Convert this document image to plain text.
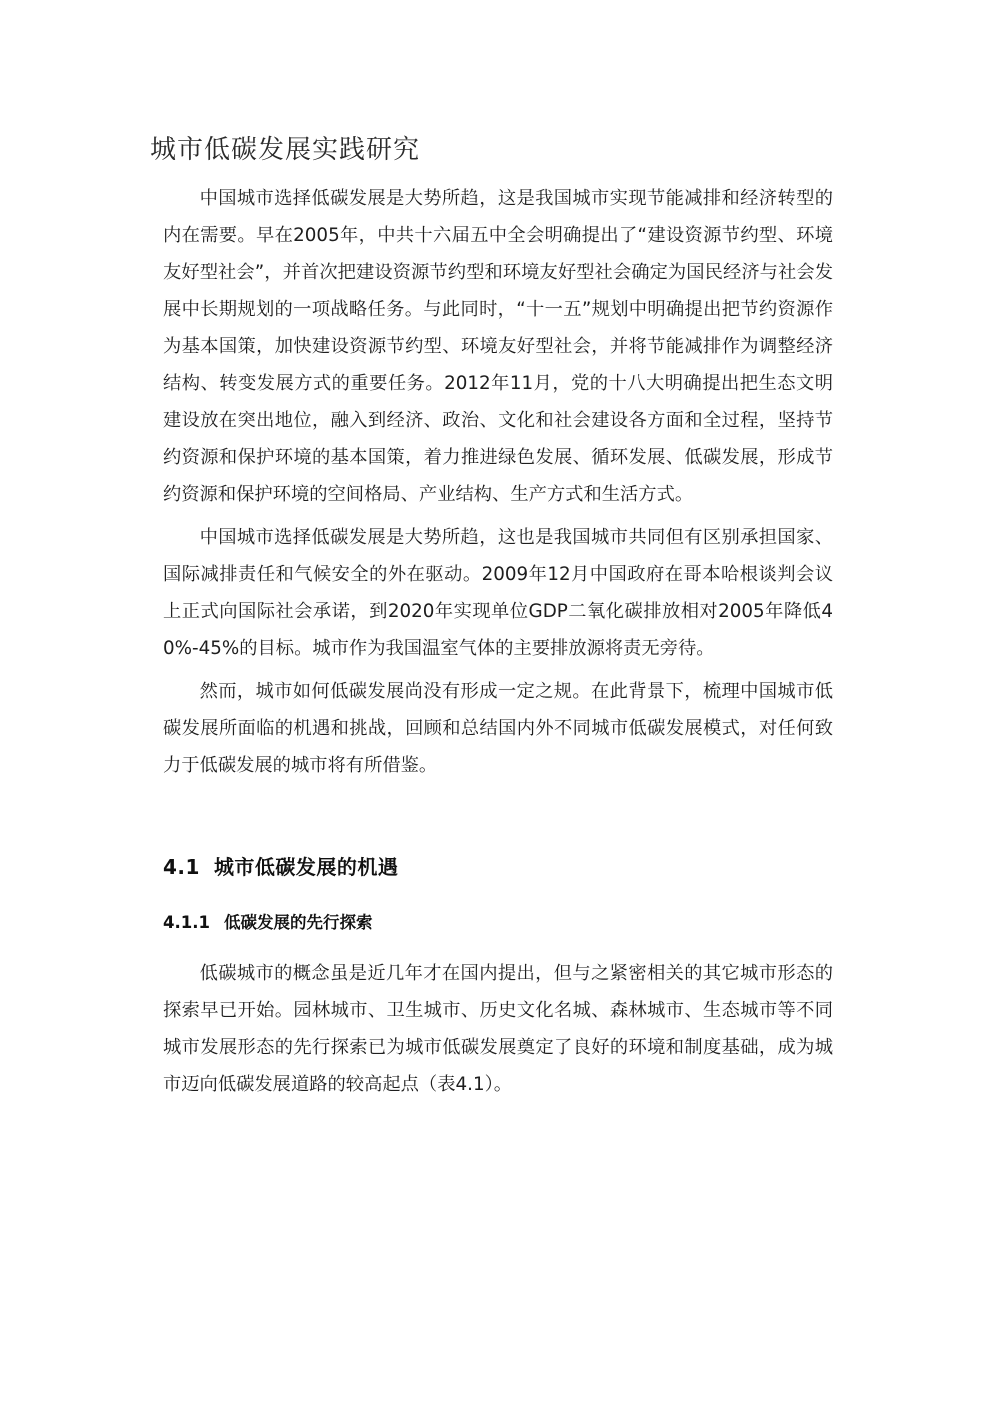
城市低碳发展实践研究

中国城市选择低碳发展是大势所趋，这是我国城市实现节能减排和经济转型的内在需要。早在2005年，中共十六届五中全会明确提出了“建设资源节约型、环境友好型社会”，并首次把建设资源节约型和环境友好型社会确定为国民经济与社会发展中长期规划的一项战略任务。与此同时，“十一五”规划中明确提出把节约资源作为基本国策，加快建设资源节约型、环境友好型社会，并将节能减排作为调整经济结构、转变发展方式的重要任务。2012年11月，党的十八大明确提出把生态文明建设放在突出地位，融入到经济、政治、文化和社会建设各方面和全过程，坚持节约资源和保护环境的基本国策，着力推进绿色发展、循环发展、低碳发展，形成节约资源和保护环境的空间格局、产业结构、生产方式和生活方式。

中国城市选择低碳发展是大势所趋，这也是我国城市共同但有区别承担国家、国际减排责任和气候安全的外在驱动。2009年12月中国政府在哥本哈根谈判会议上正式向国际社会承诺，到2020年实现单位GDP二氧化碳排放相对2005年降低40%-45%的目标。城市作为我国温室气体的主要排放源将责无旁待。

然而，城市如何低碳发展尚没有形成一定之规。在此背景下，梳理中国城市低碳发展所面临的机遇和挑战，回顾和总结国内外不同城市低碳发展模式，对任何致力于低碳发展的城市将有所借鉴。

4.1 城市低碳发展的机遇
4.1.1 低碳发展的先行探索

低碳城市的概念虽是近几年才在国内提出，但与之紧密相关的其它城市形态的探索早已开始。园林城市、卫生城市、历史文化名城、森林城市、生态城市等不同城市发展形态的先行探索已为城市低碳发展奠定了良好的环境和制度基础，成为城市迈向低碳发展道路的较高起点（表4.1）。
